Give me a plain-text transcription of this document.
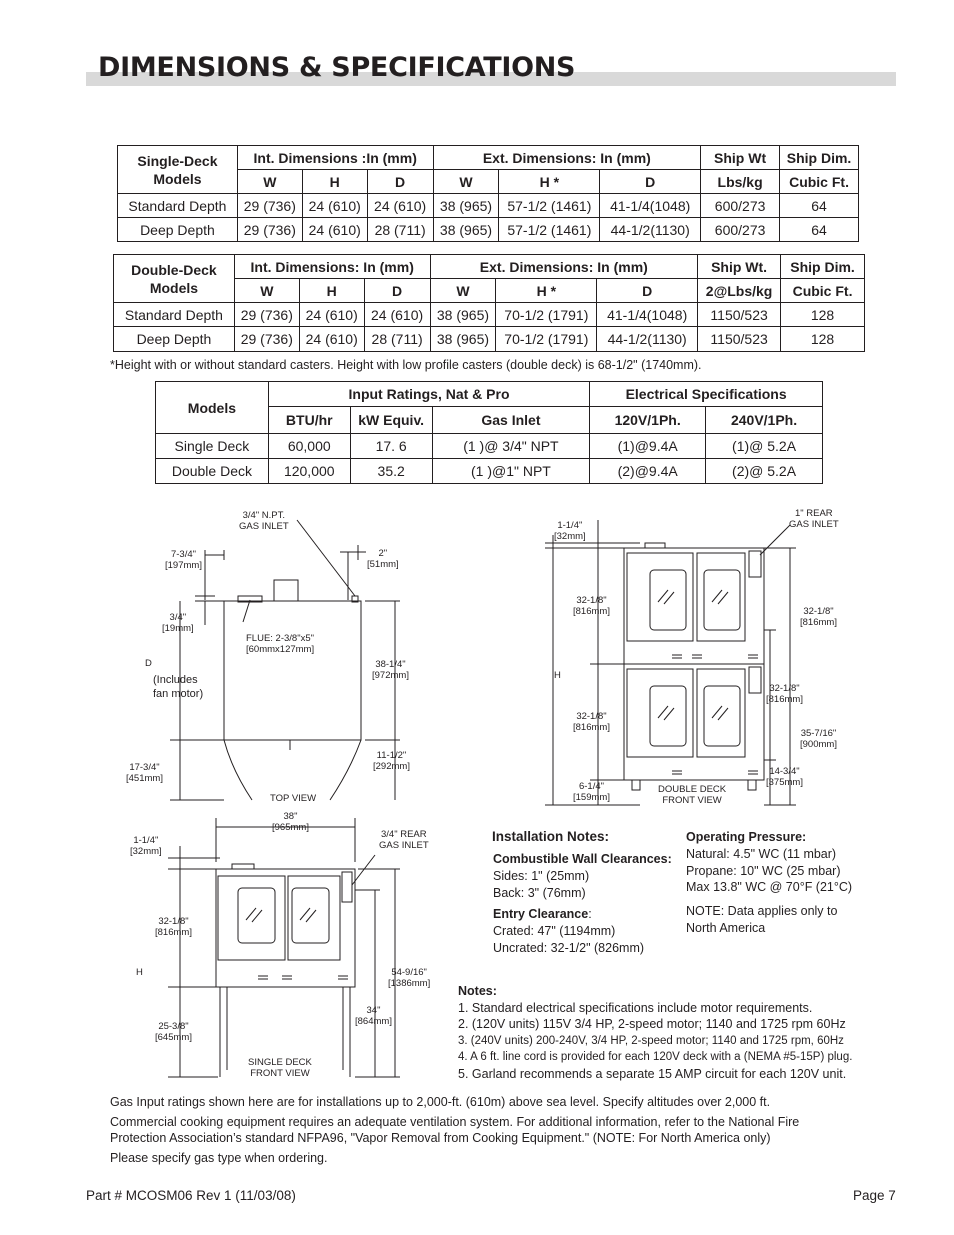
DIMENSIONS & SPECIFICATIONS
Single-Deck Models	Int. Dimensions :In (mm)			Ext. Dimensions: In (mm)			Ship Wt	Ship Dim.
	W	H	D	W	H *	D	Lbs/kg	Cubic Ft.
Standard Depth	29 (736)	24 (610)	24 (610)	38 (965)	57-1/2 (1461)	41-1/4(1048)	600/273	64
Deep Depth	29 (736)	24 (610)	28 (711)	38 (965)	57-1/2 (1461)	44-1/2(1130)	600/273	64
Double-Deck Models	Int. Dimensions: In (mm)			Ext. Dimensions: In (mm)			Ship Wt.	Ship Dim.
	W	H	D	W	H *	D	2@Lbs/kg	Cubic Ft.
Standard Depth	29 (736)	24 (610)	24 (610)	38 (965)	70-1/2 (1791)	41-1/4(1048)	1150/523	128
Deep Depth	29 (736)	24 (610)	28 (711)	38 (965)	70-1/2 (1791)	44-1/2(1130)	1150/523	128
*Height with or without standard casters. Height with low profile casters (double deck) is 68-1/2" (1740mm).
Models	Input Ratings, Nat & Pro			Electrical Specifications	
	BTU/hr	kW Equiv.	Gas Inlet	120V/1Ph.	240V/1Ph.
Single Deck	60,000	17. 6	(1 )@ 3/4" NPT	(1)@9.4A	(1)@ 5.2A
Double Deck	120,000	35.2	(1 )@1" NPT	(2)@9.4A	(2)@ 5.2A
3/4" N.PT.
GAS INLET
7-3/4"
[197mm]
2"
[51mm]
3/4"
[19mm]
FLUE: 2-3/8"x5"
[60mmx127mm]
D
(Includes
fan motor)
38-1/4"
[972mm]
17-3/4"
[451mm]
11-1/2"
[292mm]
TOP VIEW
38"
[965mm]
1-1/4"
[32mm]
3/4" REAR
GAS INLET
32-1/8"
[816mm]
H
25-3/8"
[645mm]
54-9/16"
[1386mm]
34"
[864mm]
SINGLE DECK
FRONT VIEW
1-1/4"
[32mm]
1" REAR
GAS INLET
32-1/8"
[816mm]
H
32-1/8"
[816mm]
6-1/4"
[159mm]
32-1/8"
[816mm]
32-1/8"
[816mm]
35-7/16"
[900mm]
14-3/4"
[375mm]
DOUBLE DECK
FRONT VIEW
Installation Notes:
Combustible Wall Clearances:
Sides: 1" (25mm)
Back: 3" (76mm)
Entry Clearance:
Crated: 47" (1194mm)
Uncrated: 32-1/2" (826mm)
Operating Pressure:
Natural: 4.5" WC (11 mbar)
Propane: 10" WC (25 mbar)
Max 13.8" WC @ 70°F (21°C)
NOTE: Data applies only to North America
Notes:
1. Standard electrical specifications include motor requirements.
2. (120V units) 115V 3/4 HP, 2-speed motor; 1140 and 1725 rpm 60Hz
3. (240V units) 200-240V, 3/4 HP, 2-speed motor; 1140 and 1725 rpm, 60Hz
4. A 6 ft. line cord is provided for each 120V deck with a (NEMA #5-15P) plug.
5. Garland recommends a separate 15 AMP circuit for each 120V unit.
Gas Input ratings shown here are for installations up to 2,000-ft. (610m) above sea level. Specify altitudes over 2,000 ft.
Commercial cooking equipment requires an adequate ventilation system. For additional information, refer to the National Fire Protection Association’s standard NFPA96, "Vapor Removal from Cooking Equipment." (NOTE: For North America only)
Please specify gas type when ordering.
Part # MCOSM06 Rev 1 (11/03/08)	Page 7
